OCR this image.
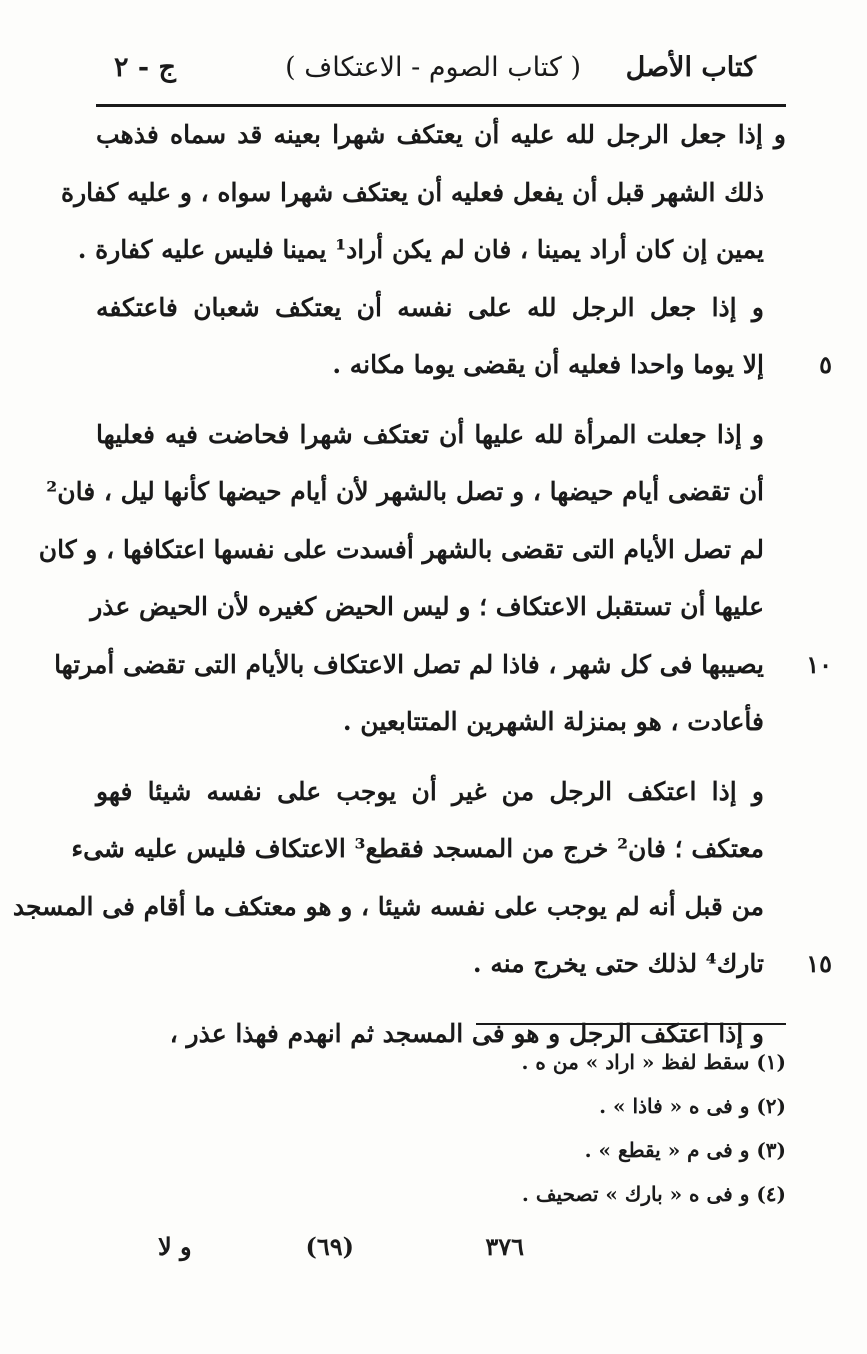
كتاب الأصل
( كتاب الصوم - الاعتكاف )
ج - ٢
و إذا جعل الرجل لله عليه أن يعتكف شهرا بعينه قد سماه فذهب
ذلك الشهر قبل أن يفعل فعليه أن يعتكف شهرا سواه ، و عليه كفارة
يمين إن كان أراد يمينا ، فان لم يكن أراد¹ يمينا فليس عليه كفارة .
و إذا جعل الرجل لله على نفسه أن يعتكف شعبان فاعتكفه
٥
إلا يوما واحدا فعليه أن يقضى يوما مكانه .
و إذا جعلت المرأة لله عليها أن تعتكف شهرا فحاضت فيه فعليها
أن تقضى أيام حيضها ، و تصل بالشهر لأن أيام حيضها كأنها ليل ، فان²
لم تصل الأيام التى تقضى بالشهر أفسدت على نفسها اعتكافها ، و كان
عليها أن تستقبل الاعتكاف ؛ و ليس الحيض كغيره لأن الحيض عذر
١٠
يصيبها فى كل شهر ، فاذا لم تصل الاعتكاف بالأيام التى تقضى أمرتها
فأعادت ، هو بمنزلة الشهرين المتتابعين .
و إذا اعتكف الرجل من غير أن يوجب على نفسه شيئا فهو
معتكف ؛ فان² خرج من المسجد فقطع³ الاعتكاف فليس عليه شىء
من قبل أنه لم يوجب على نفسه شيئا ، و هو معتكف ما أقام فى المسجد
١٥
تارك⁴ لذلك حتى يخرج منه .
و إذا اعتكف الرجل و هو فى المسجد ثم انهدم فهذا عذر ،
(١) سقط لفظ « اراد » من ه .
(٢) و فى ه « فاذا » .
(٣) و فى م « يقطع » .
(٤) و فى ه « بارك » تصحيف .
٣٧٦
(٦٩)
و لا
